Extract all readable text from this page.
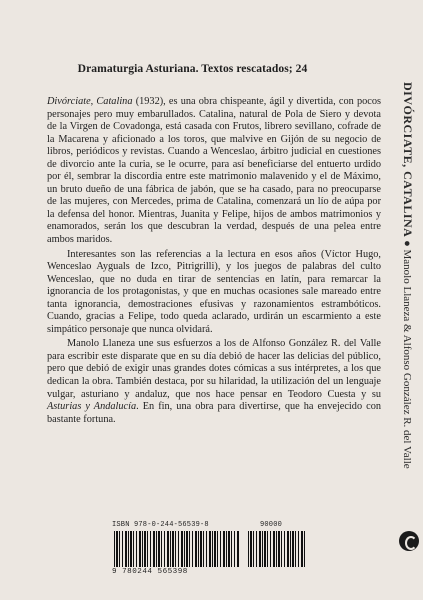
Dramaturgia Asturiana. Textos rescatados; 24

Divórciate, Catalina (1932), es una obra chispeante, ágil y divertida, con pocos personajes pero muy embarullados. Catalina, natural de Pola de Siero y devota de la Virgen de Covadonga, está casada con Frutos, librero sevillano, cofrade de la Macarena y aficionado a los toros, que malvive en Gijón de su negocio de libros, periódicos y revistas. Cuando a Wenceslao, árbitro judicial en cuestiones de divorcio ante la curia, se le ocurre, para así beneficiarse del entuerto urdido por él, sembrar la discordia entre este matrimonio malavenido y el de Máximo, un bruto dueño de una fábrica de jabón, que se ha casado, para no preocuparse de las mujeres, con Mercedes, prima de Catalina, comenzará un lío de aúpa por la defensa del honor. Mientras, Juanita y Felipe, hijos de ambos matrimonios y enamorados, serán los que descubran la verdad, después de una pelea entre ambos maridos.

Interesantes son las referencias a la lectura en esos años (Víctor Hugo, Wenceslao Ayguals de Izco, Pitrigrilli), y los juegos de palabras del culto Wenceslao, que no duda en tirar de sentencias en latín, para remarcar la ignorancia de los protagonistas, y que en muchas ocasiones sale mareado entre tanta ignorancia, demostraciones efusivas y razonamientos estrambóticos. Cuando, gracias a Felipe, todo queda aclarado, urdirán un escarmiento a este simpático personaje que nunca olvidará.

Manolo Llaneza une sus esfuerzos a los de Alfonso González R. del Valle para escribir este disparate que en su día debió de hacer las delicias del público, pero que debió de exigir unas grandes dotes cómicas a sus intérpretes, a los que dedican la obra. También destaca, por su hilaridad, la utilización del un lenguaje vulgar, asturiano y andaluz, que nos hace pensar en Teodoro Cuesta y su Asturias y Andalucía. En fin, una obra para divertirse, que ha envejecido con bastante fortuna.

DIVÓRCIATE, CATALINA ● Manolo Llaneza & Alfonso González R. del Valle
ISBN 978-0-244-56539-8	90000
9 780244 565398
